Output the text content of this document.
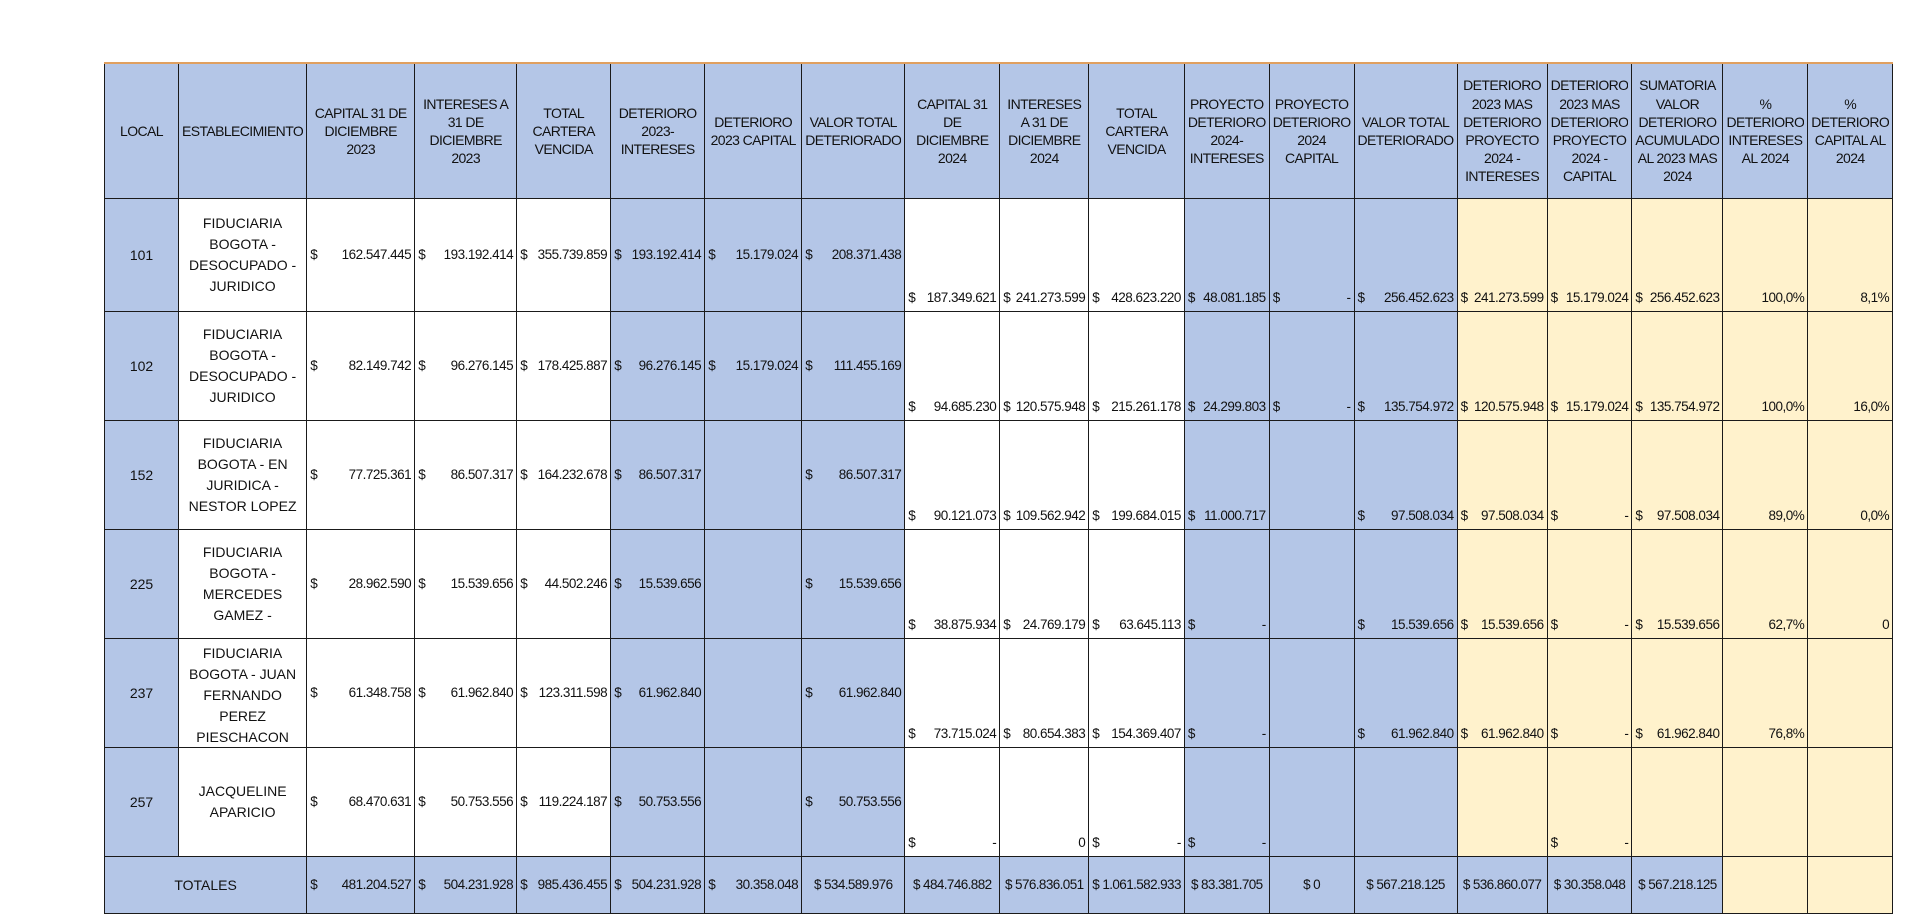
LOCAL	ESTABLECIMIENTO	CAPITAL 31 DE DICIEMBRE 2023	INTERESES A 31 DE DICIEMBRE 2023	TOTAL CARTERA VENCIDA	DETERIORO 2023-INTERESES	DETERIORO 2023 CAPITAL	VALOR TOTAL DETERIORADO	CAPITAL 31 DE DICIEMBRE 2024	INTERESES A 31 DE DICIEMBRE 2024	TOTAL CARTERA VENCIDA	PROYECTO DETERIORO 2024-INTERESES	PROYECTO DETERIORO 2024 CAPITAL	VALOR TOTAL DETERIORADO	DETERIORO 2023 MAS DETERIORO PROYECTO 2024 - INTERESES	DETERIORO 2023 MAS DETERIORO PROYECTO 2024 - CAPITAL	SUMATORIA VALOR DETERIORO ACUMULADO AL 2023 MAS 2024	% DETERIORO INTERESES AL 2024	% DETERIORO CAPITAL AL 2024

101	FIDUCIARIA BOGOTA - DESOCUPADO - JURIDICO	$ 162.547.445	$ 193.192.414	$ 355.739.859	$ 193.192.414	$ 15.179.024	$ 208.371.438	$ 187.349.621	$ 241.273.599	$ 428.623.220	$ 48.081.185	$ -	$ 256.452.623	$ 241.273.599	$ 15.179.024	$ 256.452.623	100,0%	8,1%
102	FIDUCIARIA BOGOTA - DESOCUPADO - JURIDICO	$ 82.149.742	$ 96.276.145	$ 178.425.887	$ 96.276.145	$ 15.179.024	$ 111.455.169	$ 94.685.230	$ 120.575.948	$ 215.261.178	$ 24.299.803	$ -	$ 135.754.972	$ 120.575.948	$ 15.179.024	$ 135.754.972	100,0%	16,0%
152	FIDUCIARIA BOGOTA - EN JURIDICA - NESTOR LOPEZ	$ 77.725.361	$ 86.507.317	$ 164.232.678	$ 86.507.317		$ 86.507.317	$ 90.121.073	$ 109.562.942	$ 199.684.015	$ 11.000.717		$ 97.508.034	$ 97.508.034	$ -	$ 97.508.034	89,0%	0,0%
225	FIDUCIARIA BOGOTA - MERCEDES GAMEZ -	$ 28.962.590	$ 15.539.656	$ 44.502.246	$ 15.539.656		$ 15.539.656	$ 38.875.934	$ 24.769.179	$ 63.645.113	$ -		$ 15.539.656	$ 15.539.656	$ -	$ 15.539.656	62,7%	0
237	FIDUCIARIA BOGOTA - JUAN FERNANDO PEREZ PIESCHACON	$ 61.348.758	$ 61.962.840	$ 123.311.598	$ 61.962.840		$ 61.962.840	$ 73.715.024	$ 80.654.383	$ 154.369.407	$ -		$ 61.962.840	$ 61.962.840	$ -	$ 61.962.840	76,8%	
257	JACQUELINE APARICIO	$ 68.470.631	$ 50.753.556	$ 119.224.187	$ 50.753.556		$ 50.753.556	$ -	0	$ -	$ -				$ -			

TOTALES		$ 481.204.527	$ 504.231.928	$ 985.436.455	$ 504.231.928	$ 30.358.048	$ 534.589.976	$ 484.746.882	$ 576.836.051	$ 1.061.582.933	$ 83.381.705	$ 0	$ 567.218.125	$ 536.860.077	$ 30.358.048	$ 567.218.125		
